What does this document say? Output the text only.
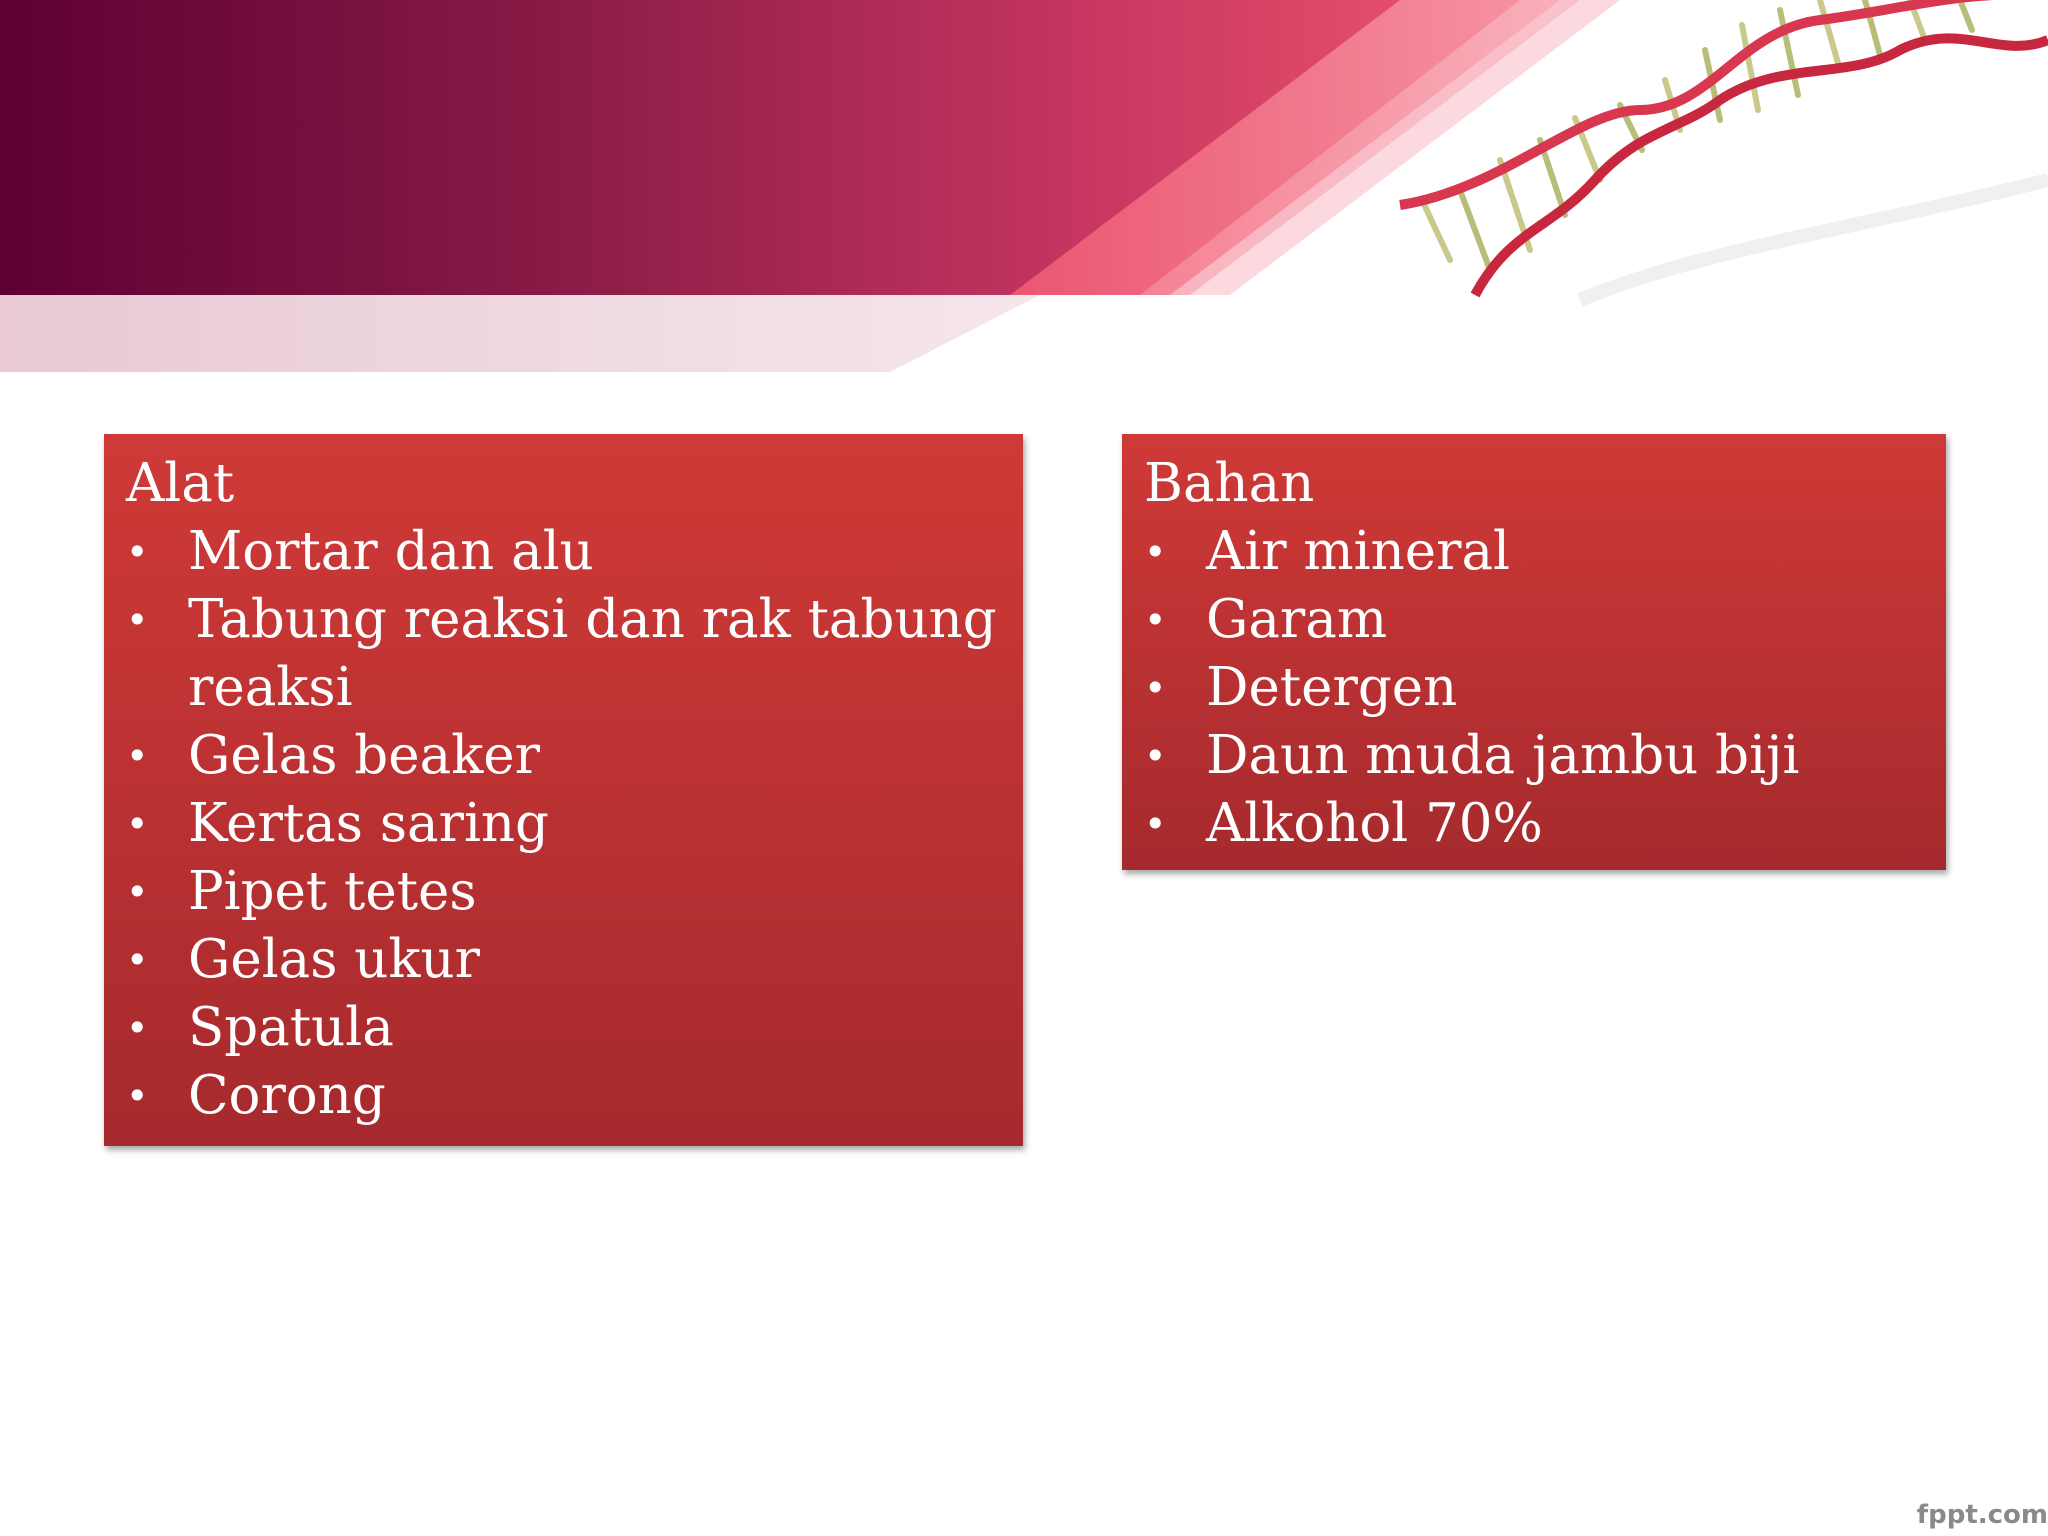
Alat
• Mortar dan alu
• Tabung reaksi dan rak tabung reaksi
• Gelas beaker
• Kertas saring
• Pipet tetes
• Gelas ukur
• Spatula
• Corong
Bahan
• Air mineral
• Garam
• Detergen
• Daun muda jambu biji
• Alkohol 70%
fppt.com
